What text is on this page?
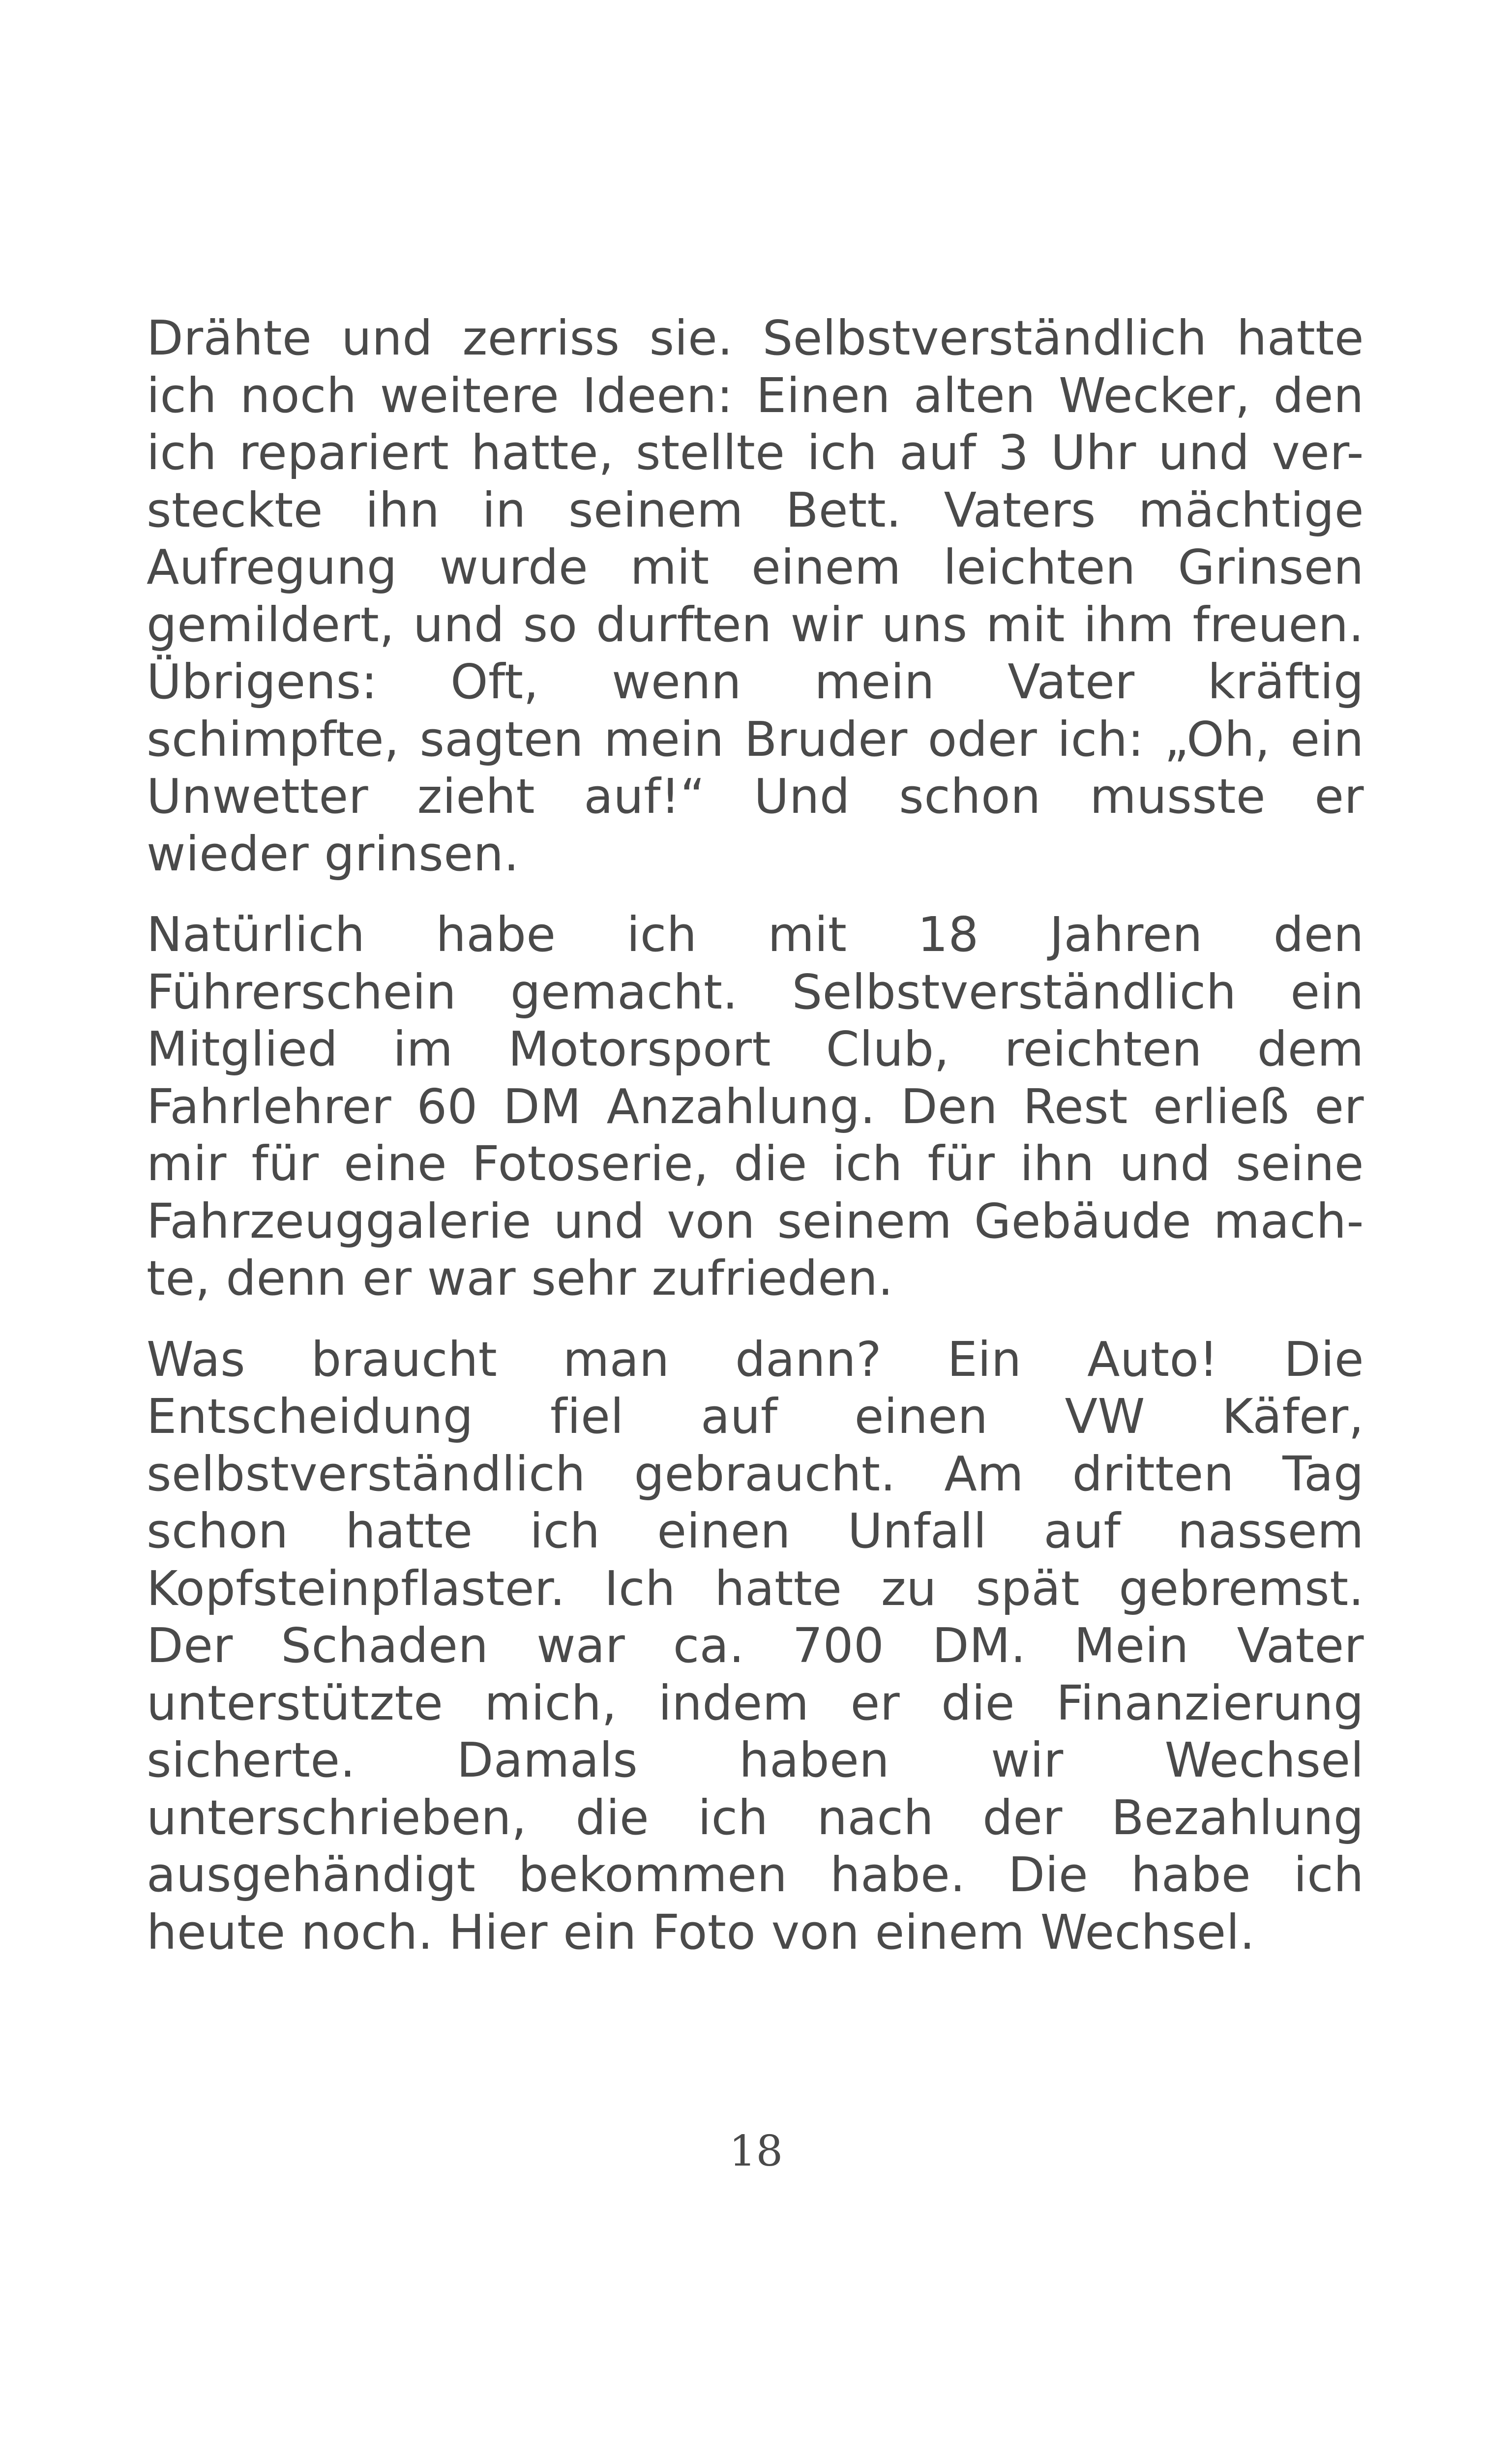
Drähte und zerriss sie. Selbstverständlich hatte
ich noch weitere Ideen: Einen alten Wecker, den
ich repariert hatte, stellte ich auf 3 Uhr und ver-
steckte ihn in seinem Bett. Vaters mächtige
Aufregung wurde mit einem leichten Grinsen
gemildert, und so durften wir uns mit ihm freuen.
Übrigens: Oft, wenn mein Vater kräftig
schimpfte, sagten mein Bruder oder ich: „Oh, ein
Unwetter zieht auf!“ Und schon musste er
wieder grinsen.
Natürlich habe ich mit 18 Jahren den
Führerschein gemacht. Selbstverständlich ein
Mitglied im Motorsport Club, reichten dem
Fahrlehrer 60 DM Anzahlung. Den Rest erließ er
mir für eine Fotoserie, die ich für ihn und seine
Fahrzeuggalerie und von seinem Gebäude mach-
te, denn er war sehr zufrieden.
Was braucht man dann? Ein Auto! Die
Entscheidung fiel auf einen VW Käfer,
selbstverständlich gebraucht. Am dritten Tag
schon hatte ich einen Unfall auf nassem
Kopfsteinpflaster. Ich hatte zu spät gebremst.
Der Schaden war ca. 700 DM. Mein Vater
unterstützte mich, indem er die Finanzierung
sicherte. Damals haben wir Wechsel
unterschrieben, die ich nach der Bezahlung
ausgehändigt bekommen habe. Die habe ich
heute noch. Hier ein Foto von einem Wechsel.
18
